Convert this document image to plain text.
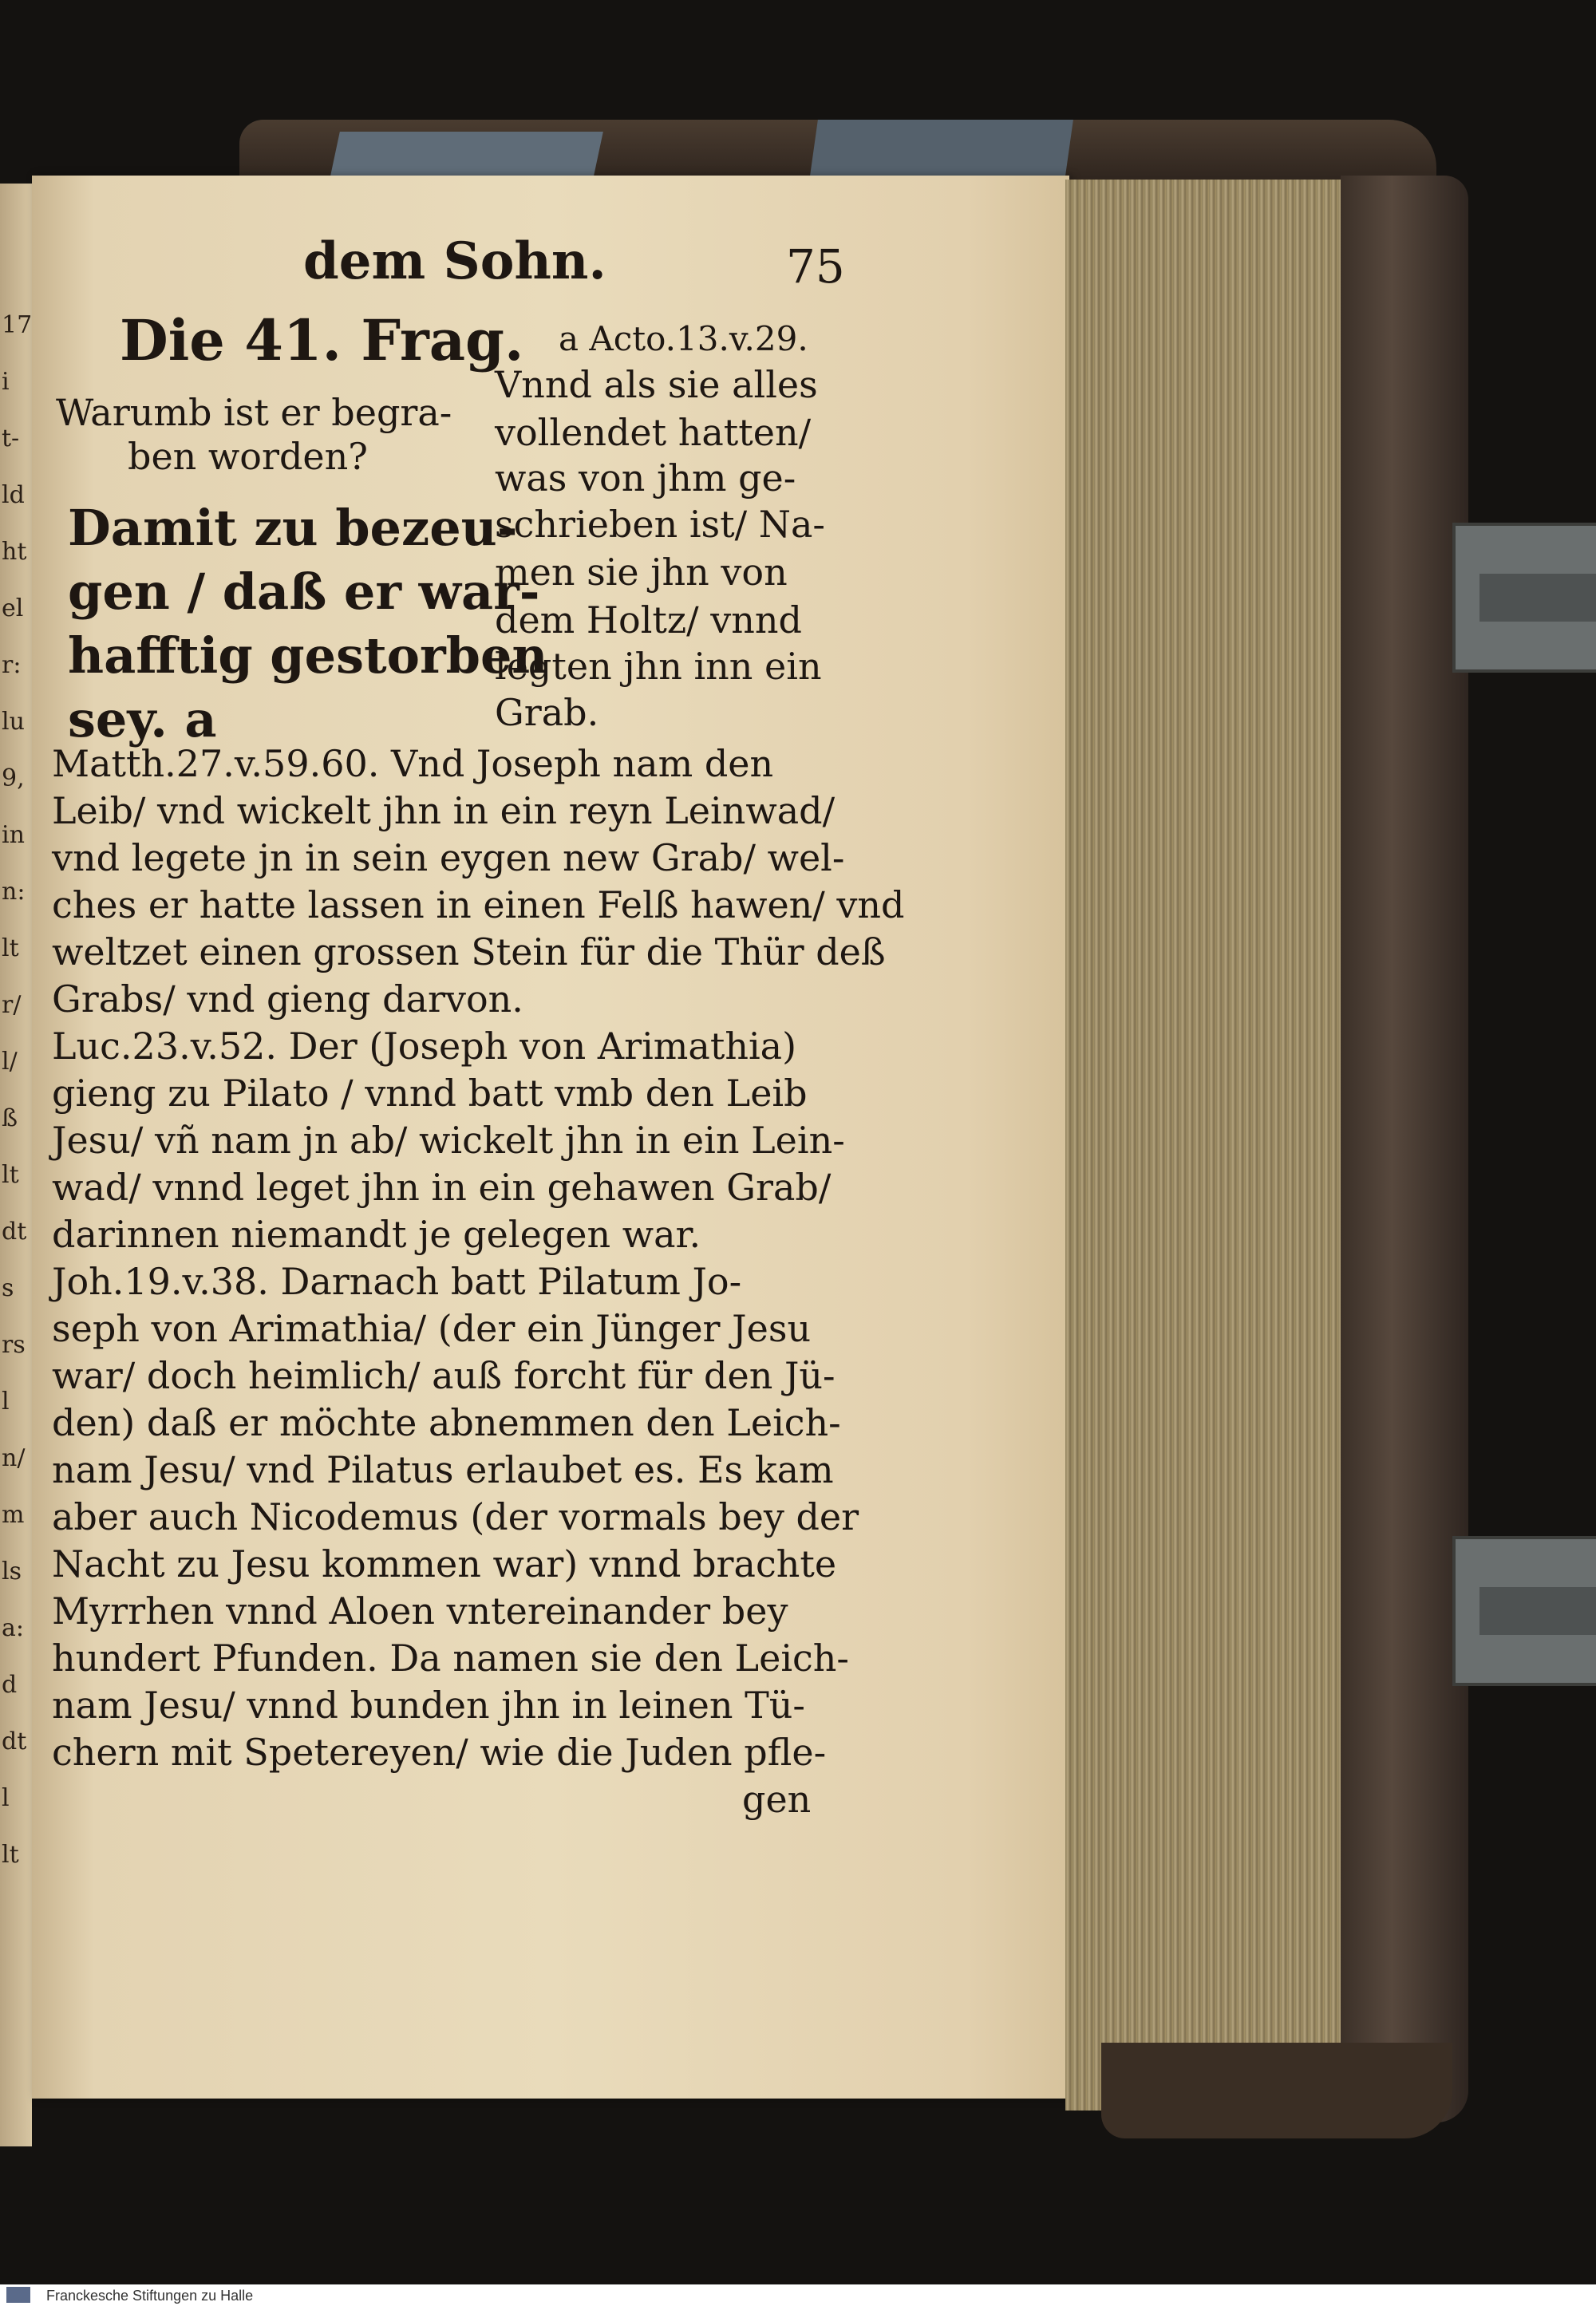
17
i
t-
ld
ht
el
r:
lu
9,
in
n:
lt
r/
l/
ß
lt
dt
s
rs
l
n/
m
ls
a:
d
dt
l
lt
dem Sohn.	75
Die 41. Frag.
Warumb ist er begra-
ben worden?
Damit zu bezeu-
gen / daß er war-
hafftig gestorben
sey. a
a Acto.13.v.29.
Vnnd als sie alles
vollendet hatten/
was von jhm ge-
schrieben ist/ Na-
men sie jhn von
dem Holtz/ vnnd
legten jhn inn ein
Grab.
Matth.27.v.59.60. Vnd Joseph nam den
Leib/ vnd wickelt jhn in ein reyn Leinwad/
vnd legete jn in sein eygen new Grab/ wel-
ches er hatte lassen in einen Felß hawen/ vnd
weltzet einen grossen Stein für die Thür deß
Grabs/ vnd gieng darvon.
Luc.23.v.52. Der (Joseph von Arimathia)
gieng zu Pilato / vnnd batt vmb den Leib
Jesu/ vñ nam jn ab/ wickelt jhn in ein Lein-
wad/ vnnd leget jhn in ein gehawen Grab/
darinnen niemandt je gelegen war.
Joh.19.v.38. Darnach batt Pilatum Jo-
seph von Arimathia/ (der ein Jünger Jesu
war/ doch heimlich/ auß forcht für den Jü-
den) daß er möchte abnemmen den Leich-
nam Jesu/ vnd Pilatus erlaubet es. Es kam
aber auch Nicodemus (der vormals bey der
Nacht zu Jesu kommen war) vnnd brachte
Myrrhen vnnd Aloen vntereinander bey
hundert Pfunden. Da namen sie den Leich-
nam Jesu/ vnnd bunden jhn in leinen Tü-
chern mit Spetereyen/ wie die Juden pfle-
gen
Franckesche Stiftungen zu Halle
